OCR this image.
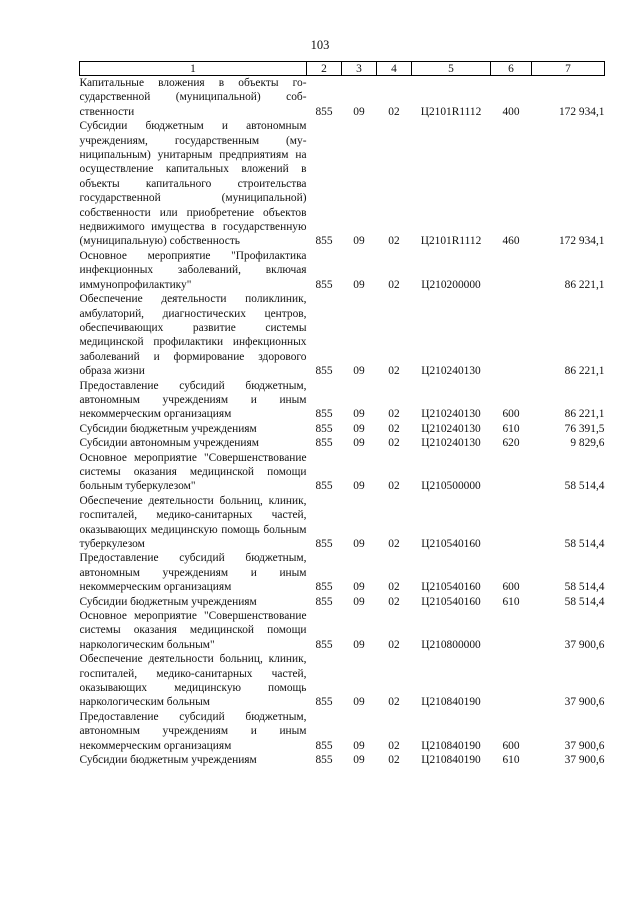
103
1	2	3	4	5	6	7
Капитальные вложения в объекты государственной (муниципальной) собственности	855	09	02	Ц2101R1112	400	172 934,1
Субсидии бюджетным и автономным учреждениям, государственным (муниципальным) унитарным предприятиям на осуществление капитальных вложений в объекты капитального строительства государственной (муниципальной) собственности или приобретение объектов недвижимого имущества в государственную (муниципальную) собственность	855	09	02	Ц2101R1112	460	172 934,1
Основное мероприятие "Профилактика инфекционных заболеваний, включая иммунопрофилактику"	855	09	02	Ц210200000		86 221,1
Обеспечение деятельности поликлиник, амбулаторий, диагностических центров, обеспечивающих развитие системы медицинской профилактики инфекционных заболеваний и формирование здорового образа жизни	855	09	02	Ц210240130		86 221,1
Предоставление субсидий бюджетным, автономным учреждениям и иным некоммерческим организациям	855	09	02	Ц210240130	600	86 221,1
Субсидии бюджетным учреждениям	855	09	02	Ц210240130	610	76 391,5
Субсидии автономным учреждениям	855	09	02	Ц210240130	620	9 829,6
Основное мероприятие "Совершенствование системы оказания медицинской помощи больным туберкулезом"	855	09	02	Ц210500000		58 514,4
Обеспечение деятельности больниц, клиник, госпиталей, медико-санитарных частей, оказывающих медицинскую помощь больным туберкулезом	855	09	02	Ц210540160		58 514,4
Предоставление субсидий бюджетным, автономным учреждениям и иным некоммерческим организациям	855	09	02	Ц210540160	600	58 514,4
Субсидии бюджетным учреждениям	855	09	02	Ц210540160	610	58 514,4
Основное мероприятие "Совершенствование системы оказания медицинской помощи наркологическим больным"	855	09	02	Ц210800000		37 900,6
Обеспечение деятельности больниц, клиник, госпиталей, медико-санитарных частей, оказывающих медицинскую помощь наркологическим больным	855	09	02	Ц210840190		37 900,6
Предоставление субсидий бюджетным, автономным учреждениям и иным некоммерческим организациям	855	09	02	Ц210840190	600	37 900,6
Субсидии бюджетным учреждениям	855	09	02	Ц210840190	610	37 900,6
